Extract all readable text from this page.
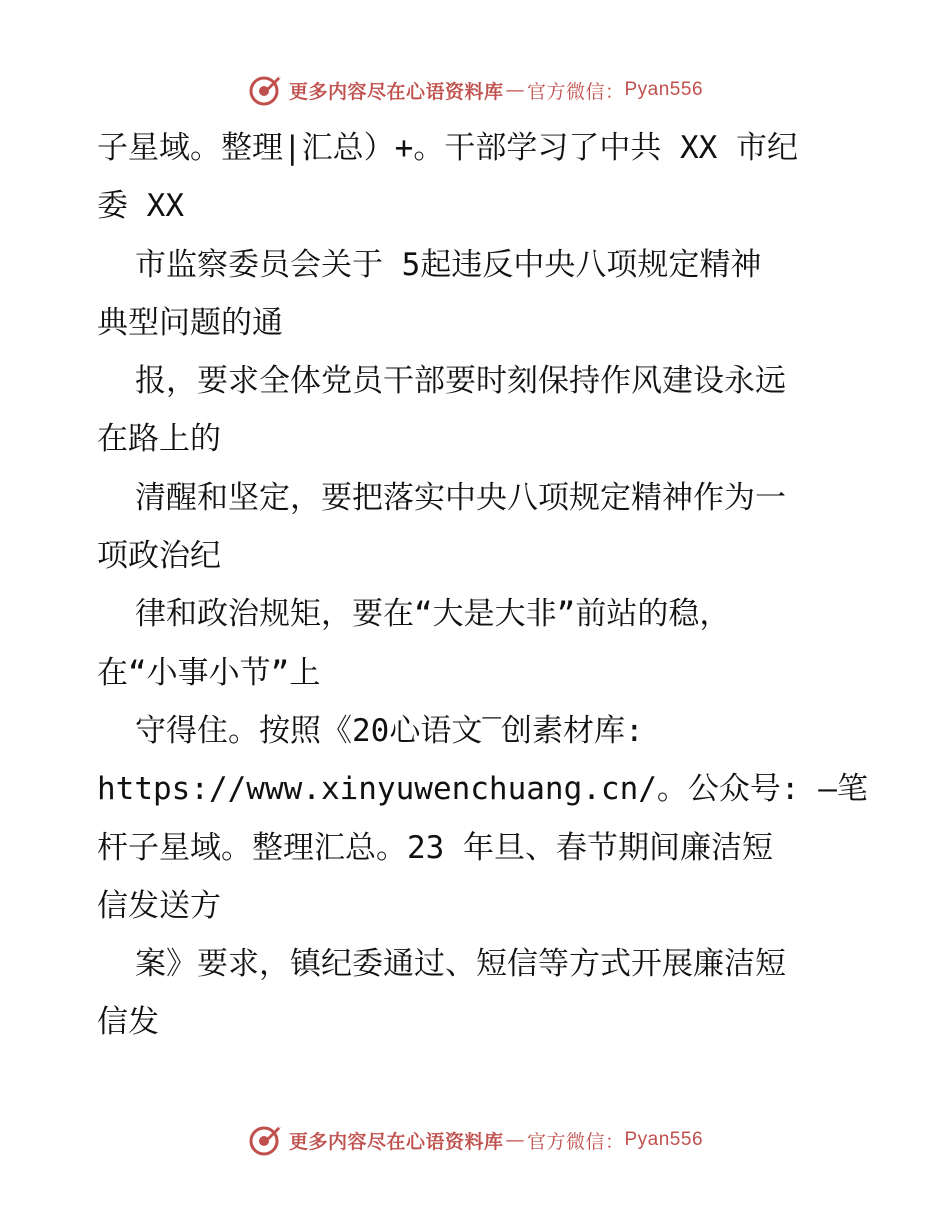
更多内容尽在心语资料库 — 官方微信： Pyan556
子星域。整理|汇总）+。干部学习了中共 XX 市纪
委 XX
市监察委员会关于 5起违反中央八项规定精神
典型问题的通
报，要求全体党员干部要时刻保持作风建设永远
在路上的
清醒和坚定，要把落实中央八项规定精神作为一
项政治纪
律和政治规矩，要在“大是大非”前站的稳，
在“小事小节”上
守得住。按照《20心语文‾创素材库:
https://www.xinyuwenchuang.cn/。公众号: —笔
杆子星域。整理汇总。23 年旦、春节期间廉洁短
信发送方
案》要求，镇纪委通过、短信等方式开展廉洁短
信发
更多内容尽在心语资料库 — 官方微信： Pyan556
